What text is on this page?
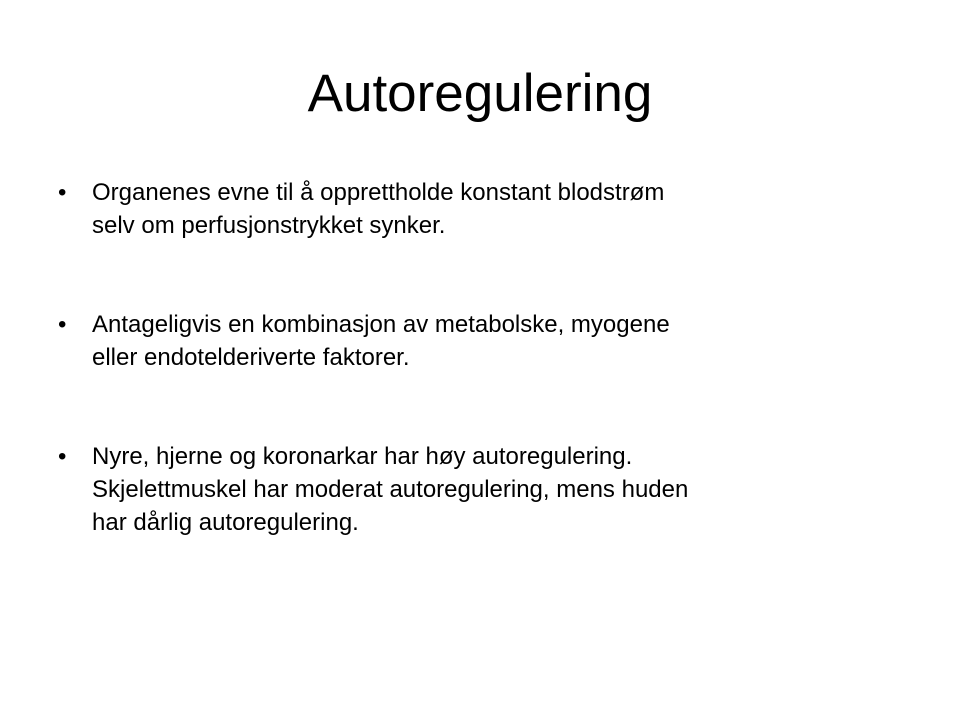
Autoregulering
• Organenes evne til å opprettholde konstant blodstrøm
selv om perfusjonstrykket synker.
• Antageligvis en kombinasjon av metabolske, myogene
eller endotelderiverte faktorer.
• Nyre, hjerne og koronarkar har høy autoregulering.
Skjelettmuskel har moderat autoregulering, mens huden
har dårlig autoregulering.
